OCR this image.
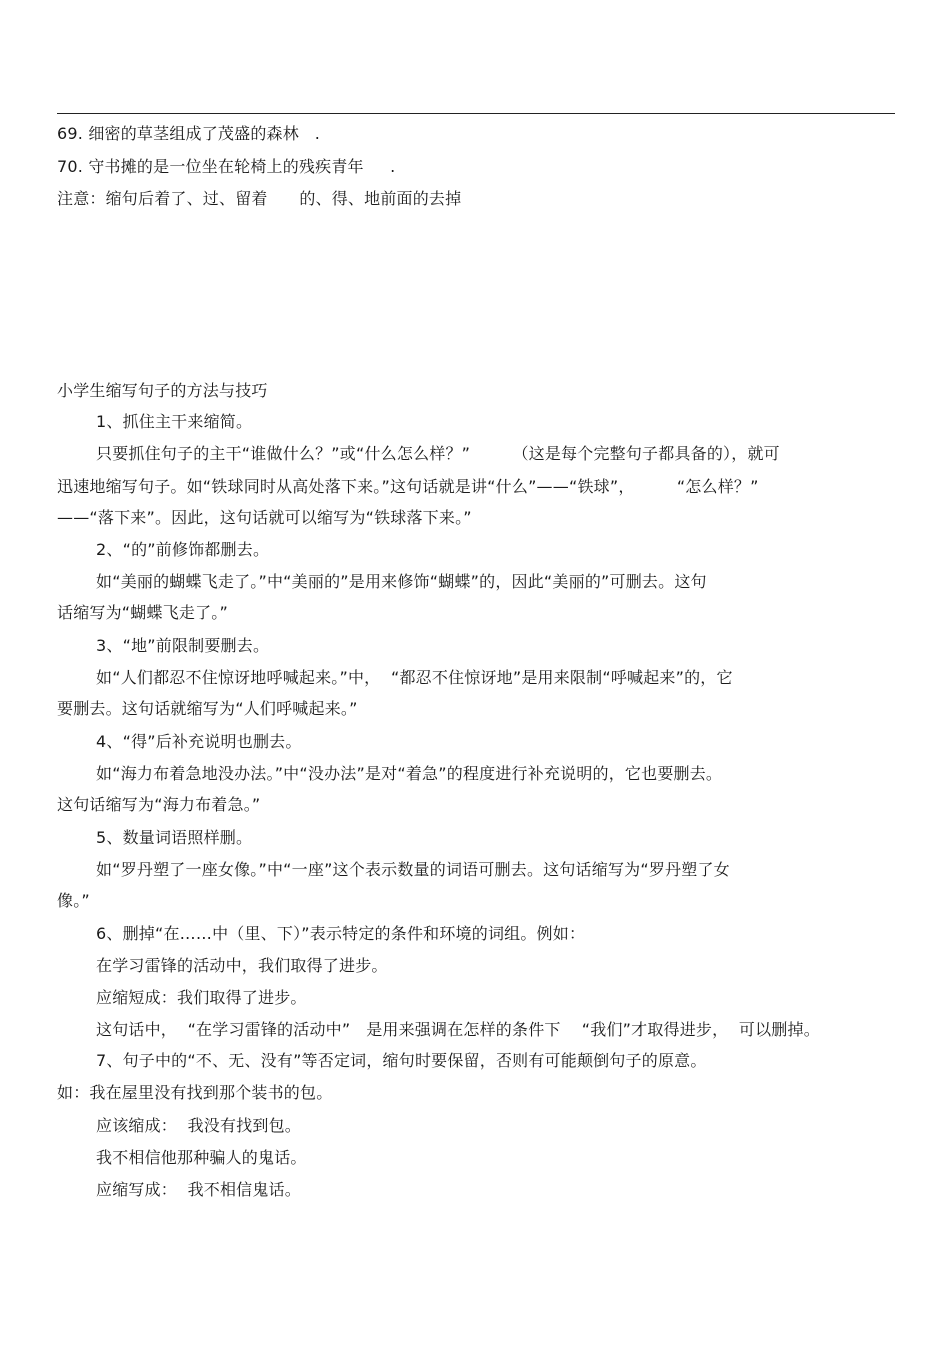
69. 细密的草茎组成了茂盛的森林   .
70. 守书摊的是一位坐在轮椅上的残疾青年     .
注意：缩句后着了、过、留着      的、得、地前面的去掉
小学生缩写句子的方法与技巧
1、抓住主干来缩简。
只要抓住句子的主干“谁做什么？”或“什么怎么样？”        （这是每个完整句子都具备的），就可
迅速地缩写句子。如“铁球同时从高处落下来。”这句话就是讲“什么”——“铁球”，        “怎么样？”
——“落下来”。因此，这句话就可以缩写为“铁球落下来。”
2、“的”前修饰都删去。
如“美丽的蝴蝶飞走了。”中“美丽的”是用来修饰“蝴蝶”的，因此“美丽的”可删去。这句
话缩写为“蝴蝶飞走了。”
3、“地”前限制要删去。
如“人们都忍不住惊讶地呼喊起来。”中，  “都忍不住惊讶地”是用来限制“呼喊起来”的，它
要删去。这句话就缩写为“人们呼喊起来。”
4、“得”后补充说明也删去。
如“海力布着急地没办法。”中“没办法”是对“着急”的程度进行补充说明的，它也要删去。
这句话缩写为“海力布着急。”
5、数量词语照样删。
如“罗丹塑了一座女像。”中“一座”这个表示数量的词语可删去。这句话缩写为“罗丹塑了女
像。”
6、删掉“在……中（里、下）”表示特定的条件和环境的词组。例如：
在学习雷锋的活动中，我们取得了进步。
应缩短成：我们取得了进步。
这句话中，  “在学习雷锋的活动中”   是用来强调在怎样的条件下    “我们”才取得进步，  可以删掉。
7、句子中的“不、无、没有”等否定词，缩句时要保留，否则有可能颠倒句子的原意。
如：我在屋里没有找到那个装书的包。
应该缩成：  我没有找到包。
我不相信他那种骗人的鬼话。
应缩写成：  我不相信鬼话。
